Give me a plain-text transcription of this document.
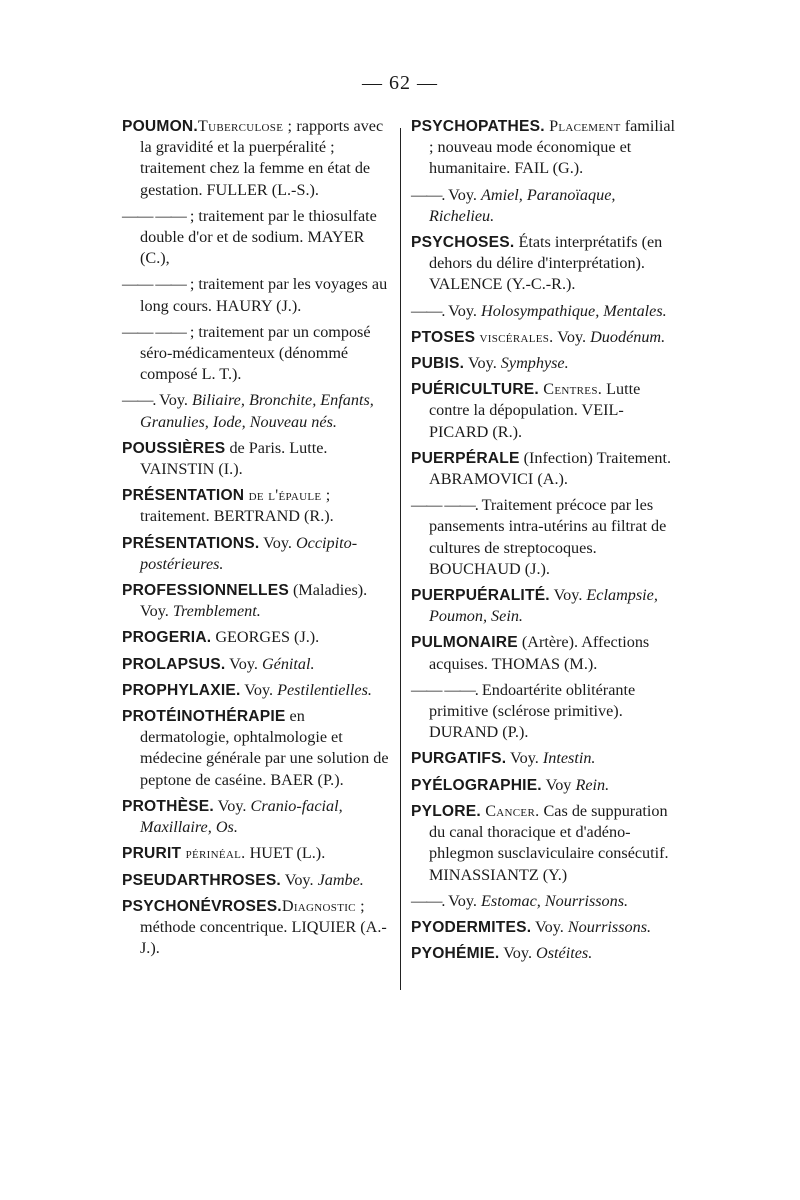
— 62 —

POUMON.Tuberculose ; rapports avec la gravidité et la puerpéralité ; traitement chez la femme en état de gestation. FULLER (L.-S.).

—— —— ; traitement par le thiosulfate double d'or et de sodium. MAYER (C.),

—— —— ; traitement par les voyages au long cours. HAURY (J.).

—— —— ; traitement par un composé séro-médicamenteux (dénommé composé L. T.).

——. Voy. Biliaire, Bronchite, Enfants, Granulies, Iode, Nouveau nés.

POUSSIÈRES de Paris. Lutte. VAINSTIN (I.).

PRÉSENTATION de l'épaule ; traitement. BERTRAND (R.).

PRÉSENTATIONS. Voy. Occipito-postérieures.

PROFESSIONNELLES (Maladies). Voy. Tremblement.

PROGERIA. GEORGES (J.).

PROLAPSUS. Voy. Génital.

PROPHYLAXIE. Voy. Pestilentielles.

PROTÉINOTHÉRAPIE en dermatologie, ophtalmologie et médecine générale par une solution de peptone de caséine. BAER (P.).

PROTHÈSE. Voy. Cranio-facial, Maxillaire, Os.

PRURIT périnéal. HUET (L.).

PSEUDARTHROSES. Voy. Jambe.

PSYCHONÉVROSES.Diagnostic ; méthode concentrique. LIQUIER (A.-J.).

PSYCHOPATHES. Placement familial ; nouveau mode économique et humanitaire. FAIL (G.).

——. Voy. Amiel, Paranoïaque, Richelieu.

PSYCHOSES. États interprétatifs (en dehors du délire d'interprétation). VALENCE (Y.-C.-R.).

——. Voy. Holosympathique, Mentales.

PTOSES viscérales. Voy. Duodénum.

PUBIS. Voy. Symphyse.

PUÉRICULTURE. Centres. Lutte contre la dépopulation. VEIL-PICARD (R.).

PUERPÉRALE (Infection) Traitement. ABRAMOVICI (A.).

—— ——. Traitement précoce par les pansements intra-utérins au filtrat de cultures de streptocoques. BOUCHAUD (J.).

PUERPUÉRALITÉ. Voy. Eclampsie, Poumon, Sein.

PULMONAIRE (Artère). Affections acquises. THOMAS (M.).

—— ——. Endoartérite oblitérante primitive (sclérose primitive). DURAND (P.).

PURGATIFS. Voy. Intestin.

PYÉLOGRAPHIE. Voy Rein.

PYLORE. Cancer. Cas de suppuration du canal thoracique et d'adéno-phlegmon susclaviculaire consécutif. MINASSIANTZ (Y.)

——. Voy. Estomac, Nourrissons.

PYODERMITES. Voy. Nourrissons.

PYOHÉMIE. Voy. Ostéites.
